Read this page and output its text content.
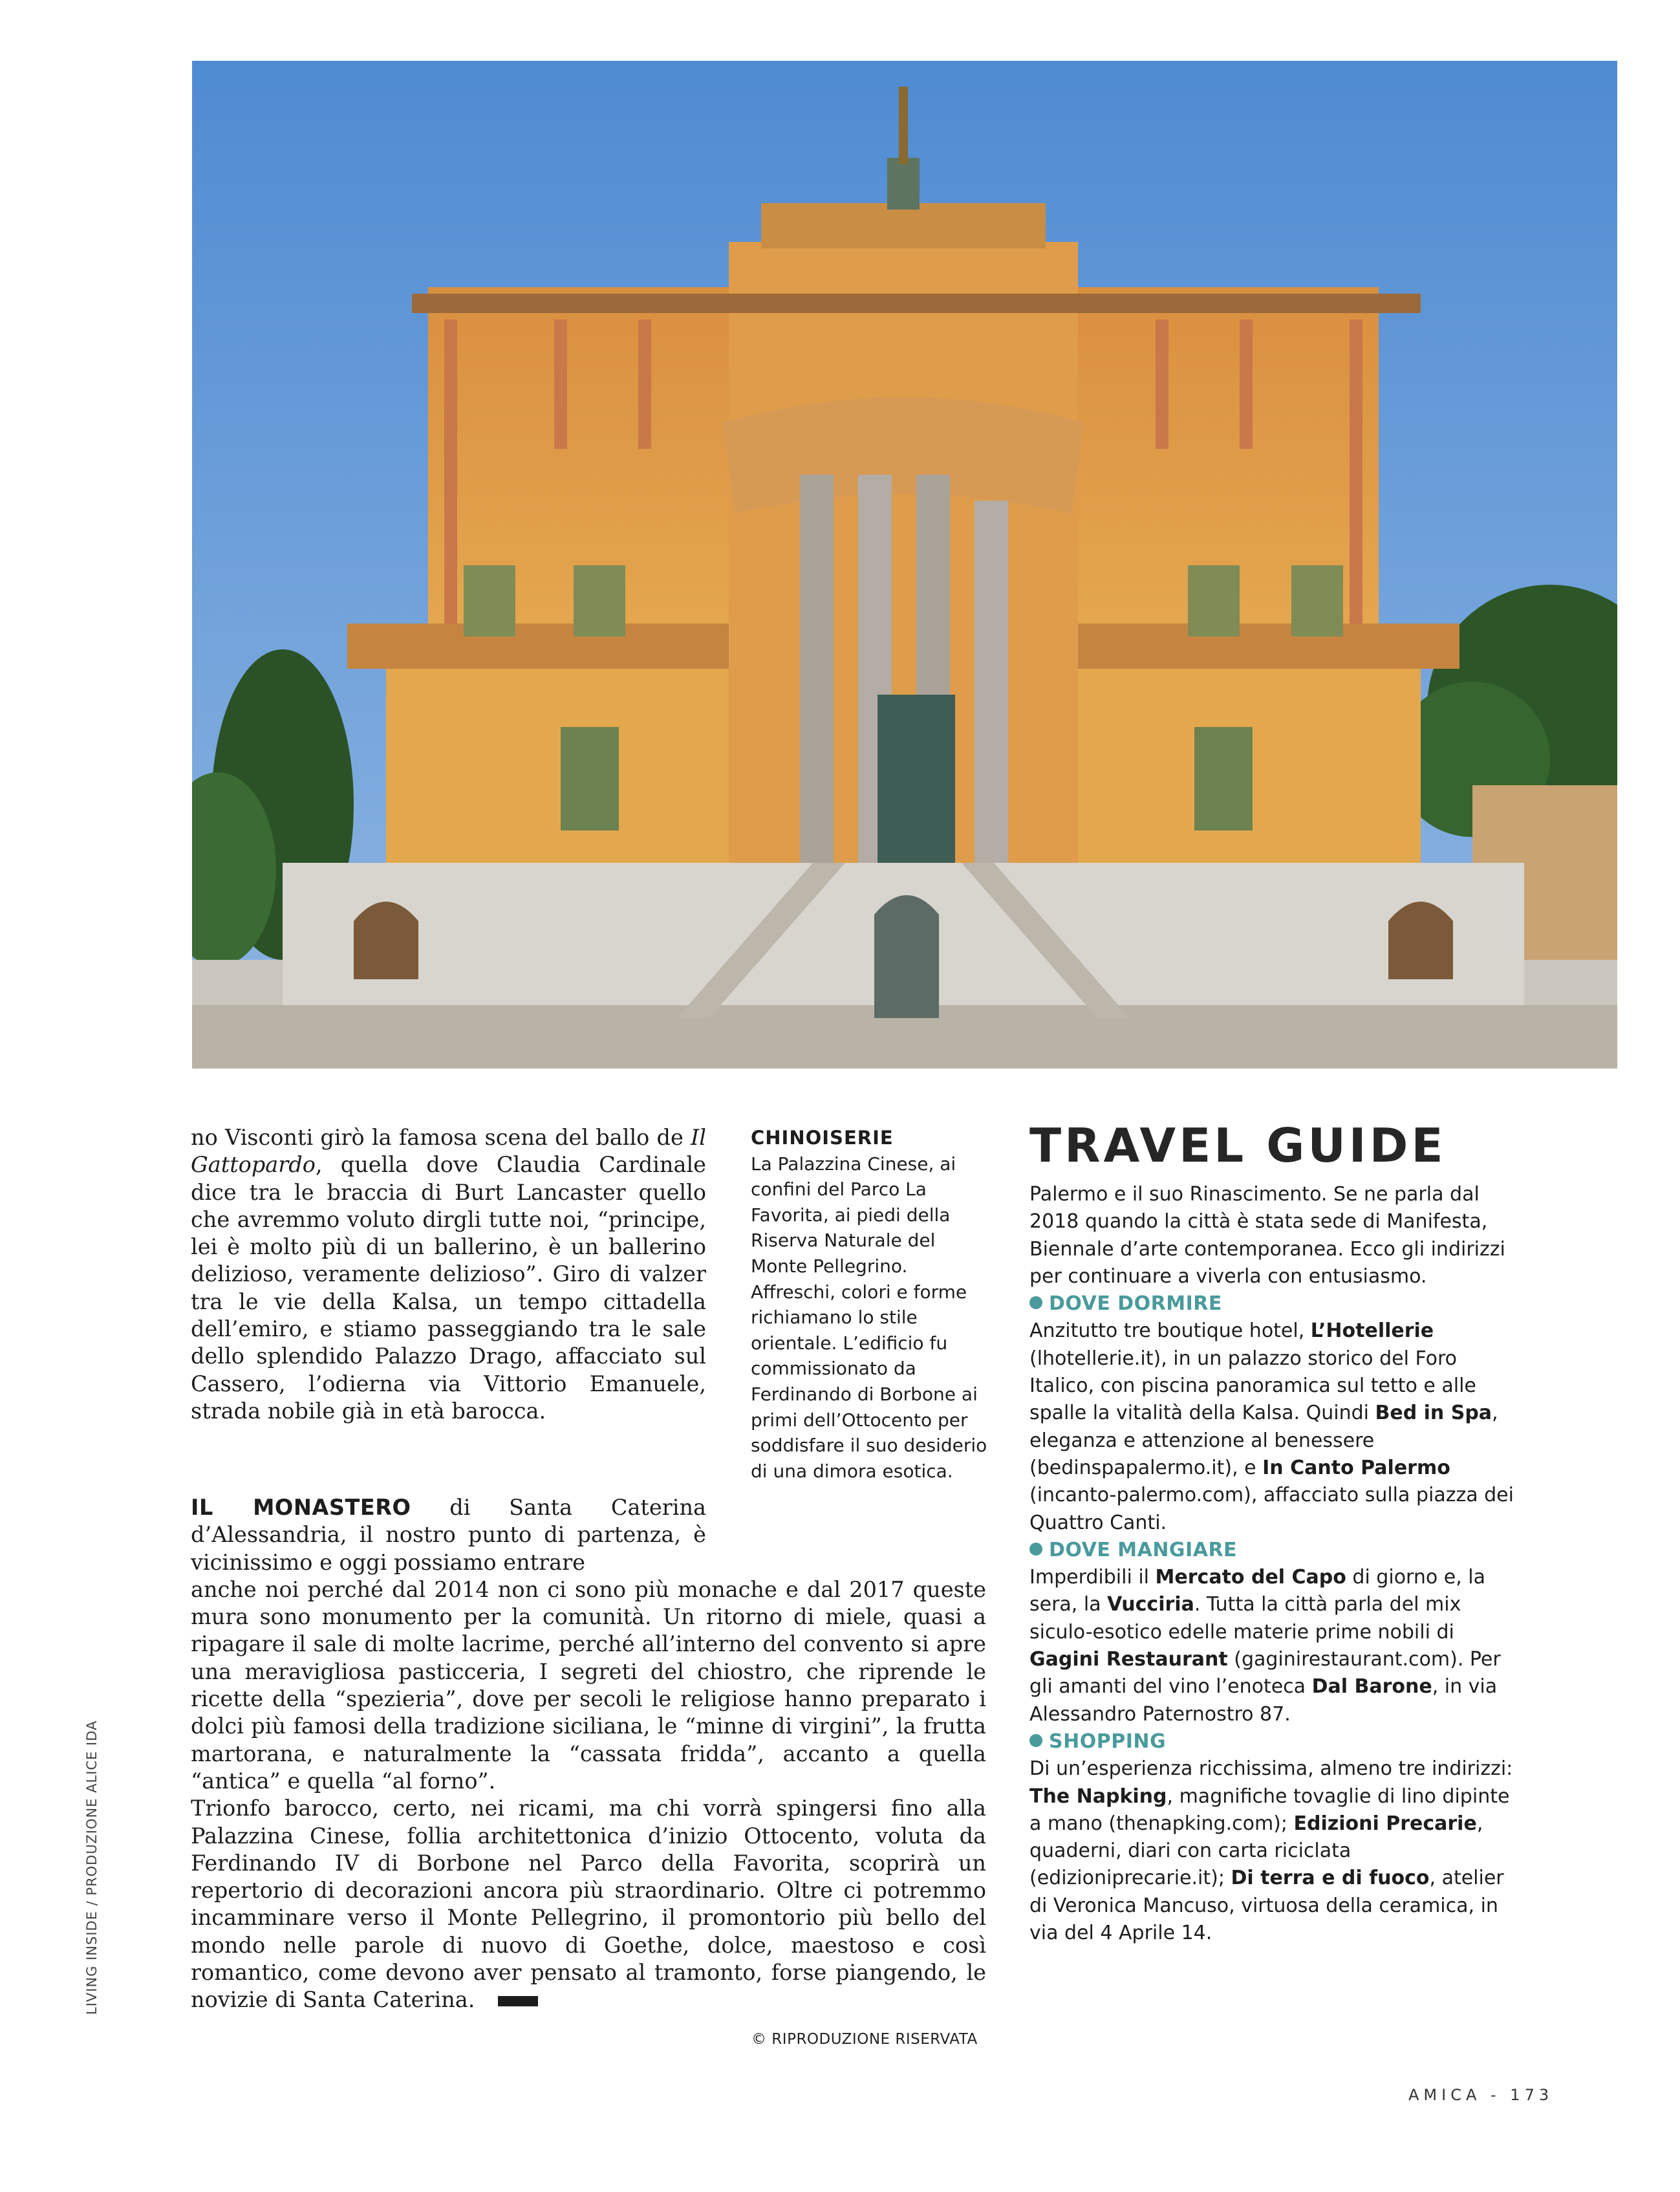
no Visconti girò la famosa scena del ballo de Il Gattopardo, quella dove Claudia Cardinale dice tra le braccia di Burt Lancaster quello che avremmo voluto dirgli tutte noi, “principe, lei è molto più di un ballerino, è un ballerino delizioso, veramente delizioso”. Giro di valzer tra le vie della Kalsa, un tempo cittadella dell’emiro, e stiamo passeggiando tra le sale dello splendido Palazzo Drago, affacciato sul Cassero, l’odierna via Vittorio Emanuele, strada nobile già in età barocca.

IL MONASTERO di Santa Caterina d’Alessandria, il nostro punto di partenza, è vicinissimo e oggi possiamo entrare

anche noi perché dal 2014 non ci sono più monache e dal 2017 queste mura sono monumento per la comunità. Un ritorno di miele, quasi a ripagare il sale di molte lacrime, perché all’interno del convento si apre una meravigliosa pasticceria, I segreti del chiostro, che riprende le ricette della “spezieria”, dove per secoli le religiose hanno preparato i dolci più famosi della tradizione siciliana, le “minne di virgini”, la frutta martorana, e naturalmente la “cassata fridda”, accanto a quella “antica” e quella “al forno”.

Trionfo barocco, certo, nei ricami, ma chi vorrà spingersi fino alla Palazzina Cinese, follia architettonica d’inizio Ottocento, voluta da Ferdinando IV di Borbone nel Parco della Favorita, scoprirà un repertorio di decorazioni ancora più straordinario. Oltre ci potremmo incamminare verso il Monte Pellegrino, il promontorio più bello del mondo nelle parole di nuovo di Goethe, dolce, maestoso e così romantico, come devono aver pensato al tramonto, forse piangendo, le novizie di Santa Caterina.

CHINOISERIE
La Palazzina Cinese, ai confini del Parco La Favorita, ai piedi della Riserva Naturale del Monte Pellegrino. Affreschi, colori e forme richiamano lo stile orientale. L’edificio fu commissionato da Ferdinando di Borbone ai primi dell’Ottocento per soddisfare il suo desiderio di una dimora esotica.
TRAVEL GUIDE

Palermo e il suo Rinascimento. Se ne parla dal 2018 quando la città è stata sede di Manifesta, Biennale d’arte contemporanea. Ecco gli indirizzi per continuare a viverla con entusiasmo.

DOVE DORMIRE

Anzitutto tre boutique hotel, L’Hotellerie (lhotellerie.it), in un palazzo storico del Foro Italico, con piscina panoramica sul tetto e alle spalle la vitalità della Kalsa. Quindi Bed in Spa, eleganza e attenzione al benessere (bedinspapalermo.it), e In Canto Palermo (incanto-palermo.com), affacciato sulla piazza dei Quattro Canti.

DOVE MANGIARE

Imperdibili il Mercato del Capo di giorno e, la sera, la Vucciria. Tutta la città parla del mix siculo-esotico edelle materie prime nobili di Gagini Restaurant (gaginirestaurant.com). Per gli amanti del vino l’enoteca Dal Barone, in via Alessandro Paternostro 87.

SHOPPING

Di un’esperienza ricchissima, almeno tre indirizzi: The Napking, magnifiche tovaglie di lino dipinte a mano (thenapking.com); Edizioni Precarie, quaderni, diari con carta riciclata (edizioniprecarie.it); Di terra e di fuoco, atelier di Veronica Mancuso, virtuosa della ceramica, in via del 4 Aprile 14.

© RIPRODUZIONE RISERVATA
LIVING INSIDE / PRODUZIONE ALICE IDA
AMICA - 173
